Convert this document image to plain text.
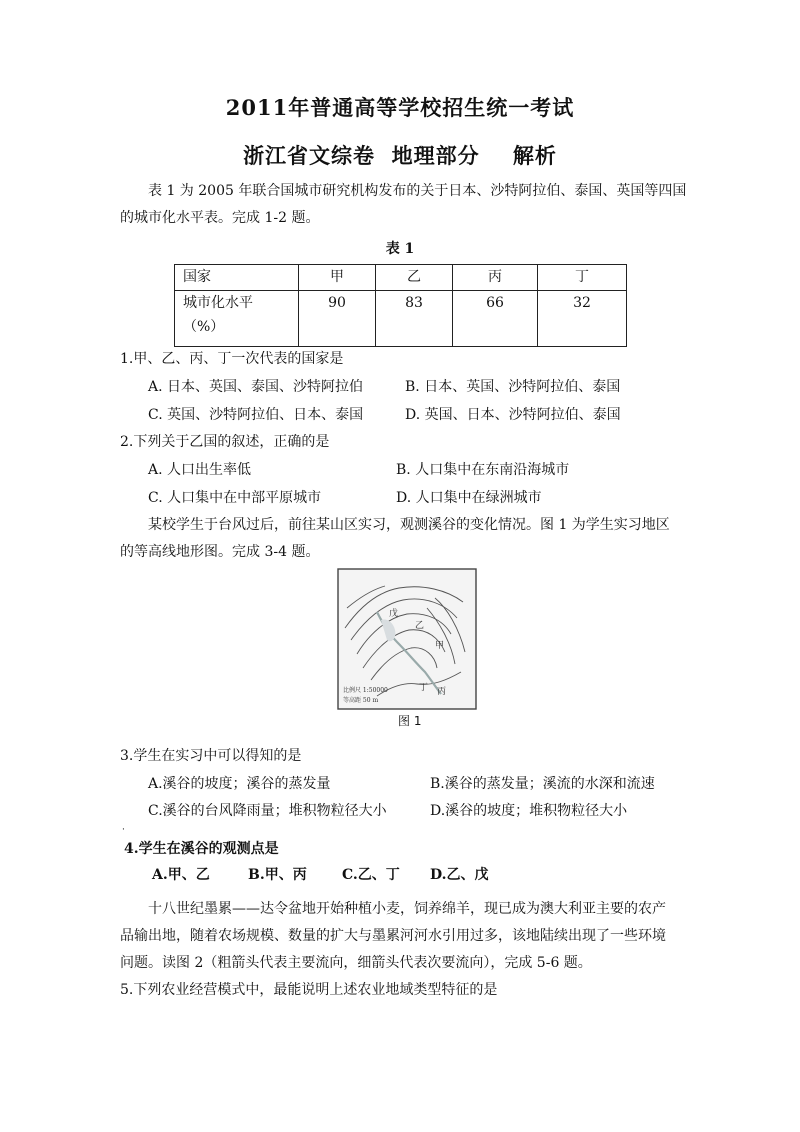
2011年普通高等学校招生统一考试
浙江省文综卷  地理部分    解析
表 1 为 2005 年联合国城市研究机构发布的关于日本、沙特阿拉伯、泰国、英国等四国
的城市化水平表。完成 1-2 题。
表 1
国家	甲	乙	丙	丁

城市化水平
（%）	90	83	66	32
1.甲、乙、丙、丁一次代表的国家是
A. 日本、英国、泰国、沙特阿拉伯	B. 日本、英国、沙特阿拉伯、泰国
C. 英国、沙特阿拉伯、日本、泰国	D. 英国、日本、沙特阿拉伯、泰国
2.下列关于乙国的叙述，正确的是
A. 人口出生率低	B. 人口集中在东南沿海城市
C. 人口集中在中部平原城市	D. 人口集中在绿洲城市
某校学生于台风过后，前往某山区实习，观测溪谷的变化情况。图 1 为学生实习地区
的等高线地形图。完成 3-4 题。
戊
乙
甲
丁 丙
比例尺 1:50000
等高距 50 m
图 1
3.学生在实习中可以得知的是
A.溪谷的坡度；溪谷的蒸发量	B.溪谷的蒸发量；溪流的水深和流速
C.溪谷的台风降雨量；堆积物粒径大小	D.溪谷的坡度；堆积物粒径大小
·
4.学生在溪谷的观测点是
A.甲、乙	B.甲、丙	C.乙、丁 D.乙、戊
十八世纪墨累——达令盆地开始种植小麦，饲养绵羊，现已成为澳大利亚主要的农产
品输出地，随着农场规模、数量的扩大与墨累河河水引用过多，该地陆续出现了一些环境
问题。读图 2（粗箭头代表主要流向，细箭头代表次要流向），完成 5-6 题。
5.下列农业经营模式中，最能说明上述农业地域类型特征的是
